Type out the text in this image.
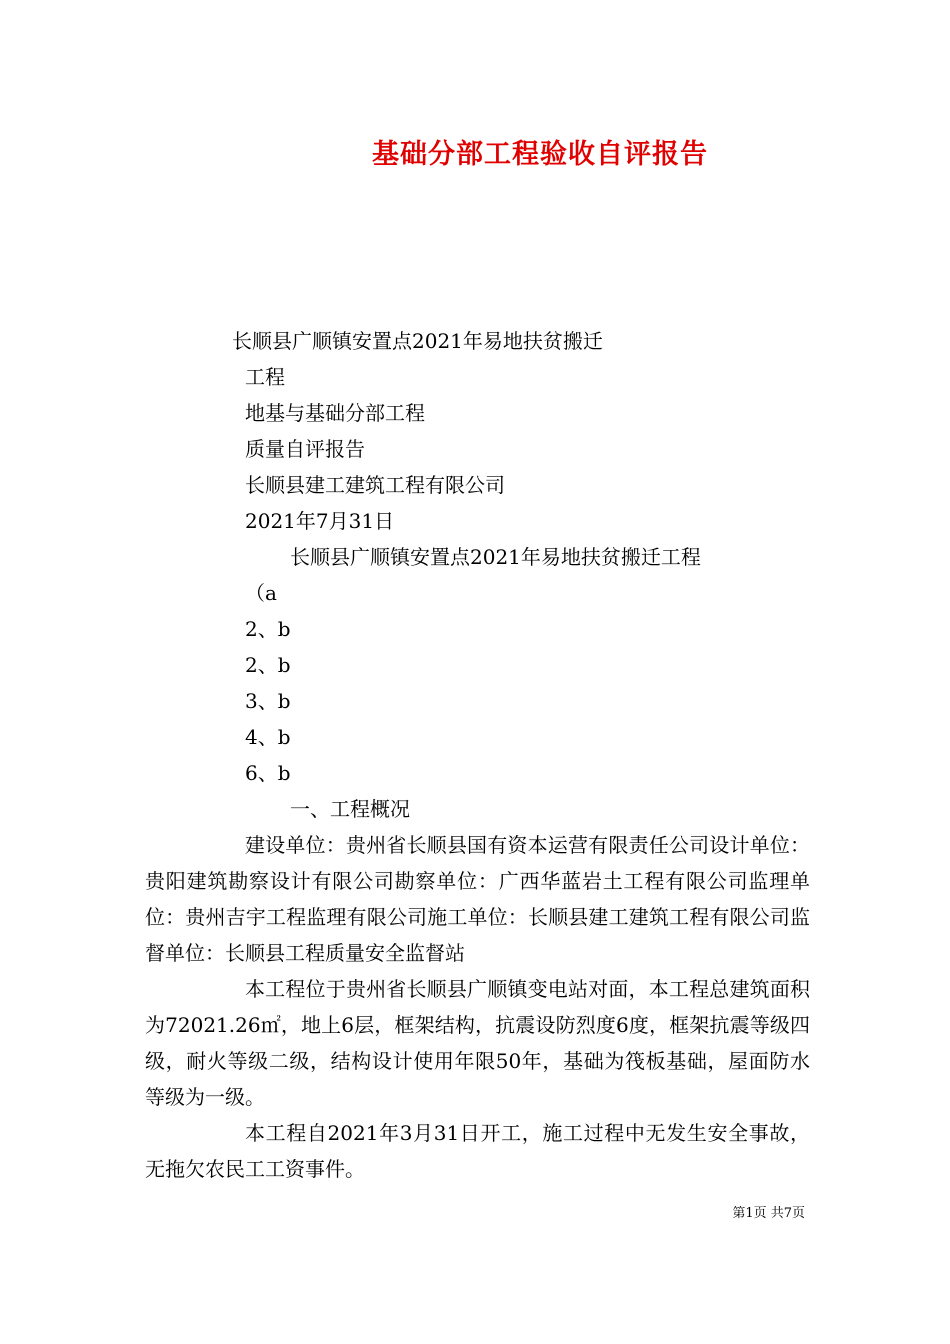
基础分部工程验收自评报告
长顺县广顺镇安置点2021年易地扶贫搬迁
工程
地基与基础分部工程
质量自评报告
长顺县建工建筑工程有限公司
2021年7月31日
长顺县广顺镇安置点2021年易地扶贫搬迁工程
（a
2、b
2、b
3、b
4、b
6、b
一、工程概况
建设单位：贵州省长顺县国有资本运营有限责任公司设计单位：贵阳建筑勘察设计有限公司勘察单位：广西华蓝岩土工程有限公司监理单位：贵州吉宇工程监理有限公司施工单位：长顺县建工建筑工程有限公司监督单位：长顺县工程质量安全监督站
本工程位于贵州省长顺县广顺镇变电站对面，本工程总建筑面积为72021.26㎡，地上6层，框架结构，抗震设防烈度6度，框架抗震等级四级，耐火等级二级，结构设计使用年限50年，基础为筏板基础，屋面防水等级为一级。
本工程自2021年3月31日开工，施工过程中无发生安全事故，无拖欠农民工工资事件。
第1页 共7页
